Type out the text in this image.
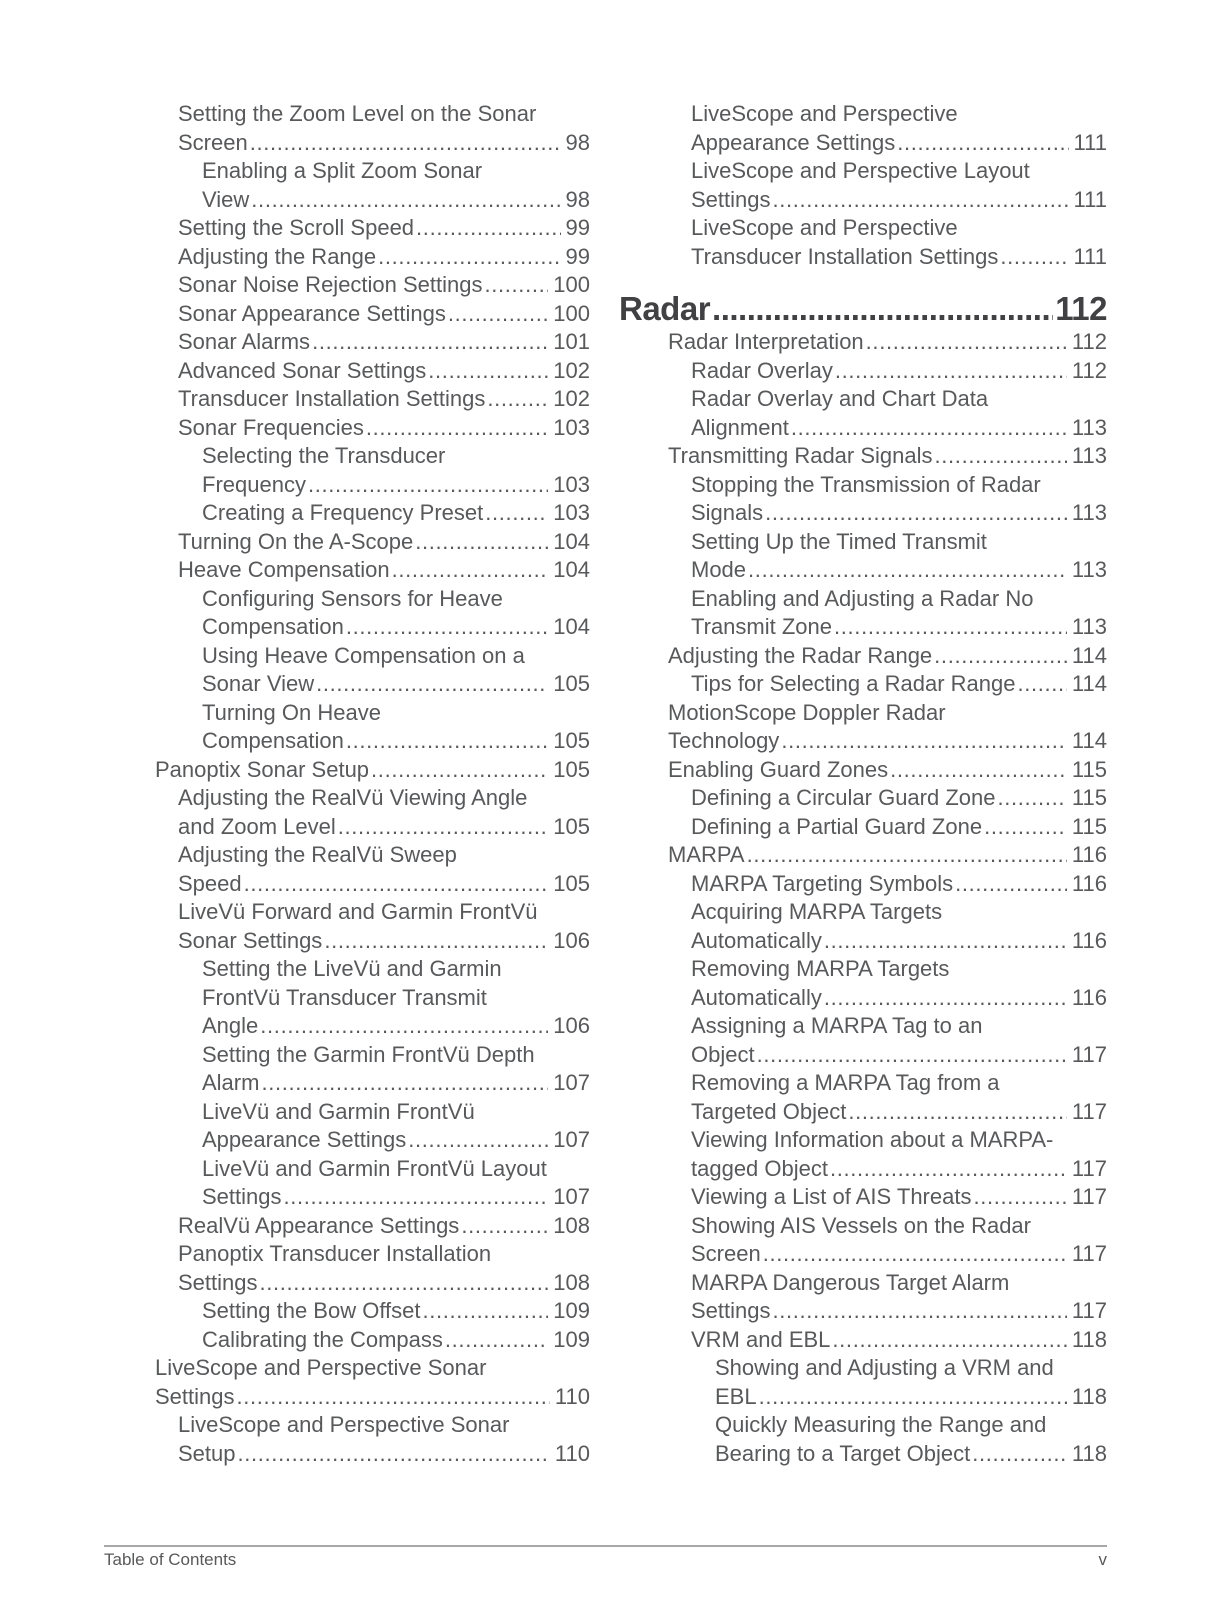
Setting the Zoom Level on the Sonar
Screen .....	98
Enabling a Split Zoom Sonar
View .....	98
Setting the Scroll Speed .....	99
Adjusting the Range .....	99
Sonar Noise Rejection Settings .....	100
Sonar Appearance Settings .....	100
Sonar Alarms .....	101
Advanced Sonar Settings .....	102
Transducer Installation Settings .....	102
Sonar Frequencies .....	103
Selecting the Transducer
Frequency .....	103
Creating a Frequency Preset .....	103
Turning On the A-Scope .....	104
Heave Compensation .....	104
Configuring Sensors for Heave
Compensation .....	104
Using Heave Compensation on a
Sonar View .....	105
Turning On Heave
Compensation .....	105
Panoptix Sonar Setup .....	105
Adjusting the RealVü Viewing Angle
and Zoom Level .....	105
Adjusting the RealVü Sweep
Speed .....	105
LiveVü Forward and Garmin FrontVü
Sonar Settings .....	106
Setting the LiveVü and Garmin
FrontVü Transducer Transmit
Angle .....	106
Setting the Garmin FrontVü Depth
Alarm .....	107
LiveVü and Garmin FrontVü
Appearance Settings .....	107
LiveVü and Garmin FrontVü Layout
Settings .....	107
RealVü Appearance Settings .....	108
Panoptix Transducer Installation
Settings .....	108
Setting the Bow Offset .....	109
Calibrating the Compass .....	109
LiveScope and Perspective Sonar
Settings .....	110
LiveScope and Perspective Sonar
Setup .....	110
LiveScope and Perspective
Appearance Settings .....	111
LiveScope and Perspective Layout
Settings .....	111
LiveScope and Perspective
Transducer Installation Settings .....	111
Radar .....	112
Radar Interpretation .....	112
Radar Overlay .....	112
Radar Overlay and Chart Data
Alignment .....	113
Transmitting Radar Signals .....	113
Stopping the Transmission of Radar
Signals .....	113
Setting Up the Timed Transmit
Mode .....	113
Enabling and Adjusting a Radar No
Transmit Zone .....	113
Adjusting the Radar Range .....	114
Tips for Selecting a Radar Range .....	114
MotionScope Doppler Radar
Technology .....	114
Enabling Guard Zones .....	115
Defining a Circular Guard Zone .....	115
Defining a Partial Guard Zone .....	115
MARPA .....	116
MARPA Targeting Symbols .....	116
Acquiring MARPA Targets
Automatically .....	116
Removing MARPA Targets
Automatically .....	116
Assigning a MARPA Tag to an
Object .....	117
Removing a MARPA Tag from a
Targeted Object .....	117
Viewing Information about a MARPA-
tagged Object .....	117
Viewing a List of AIS Threats .....	117
Showing AIS Vessels on the Radar
Screen .....	117
MARPA Dangerous Target Alarm
Settings .....	117
VRM and EBL .....	118
Showing and Adjusting a VRM and
EBL .....	118
Quickly Measuring the Range and
Bearing to a Target Object .....	118
Table of Contents	v
